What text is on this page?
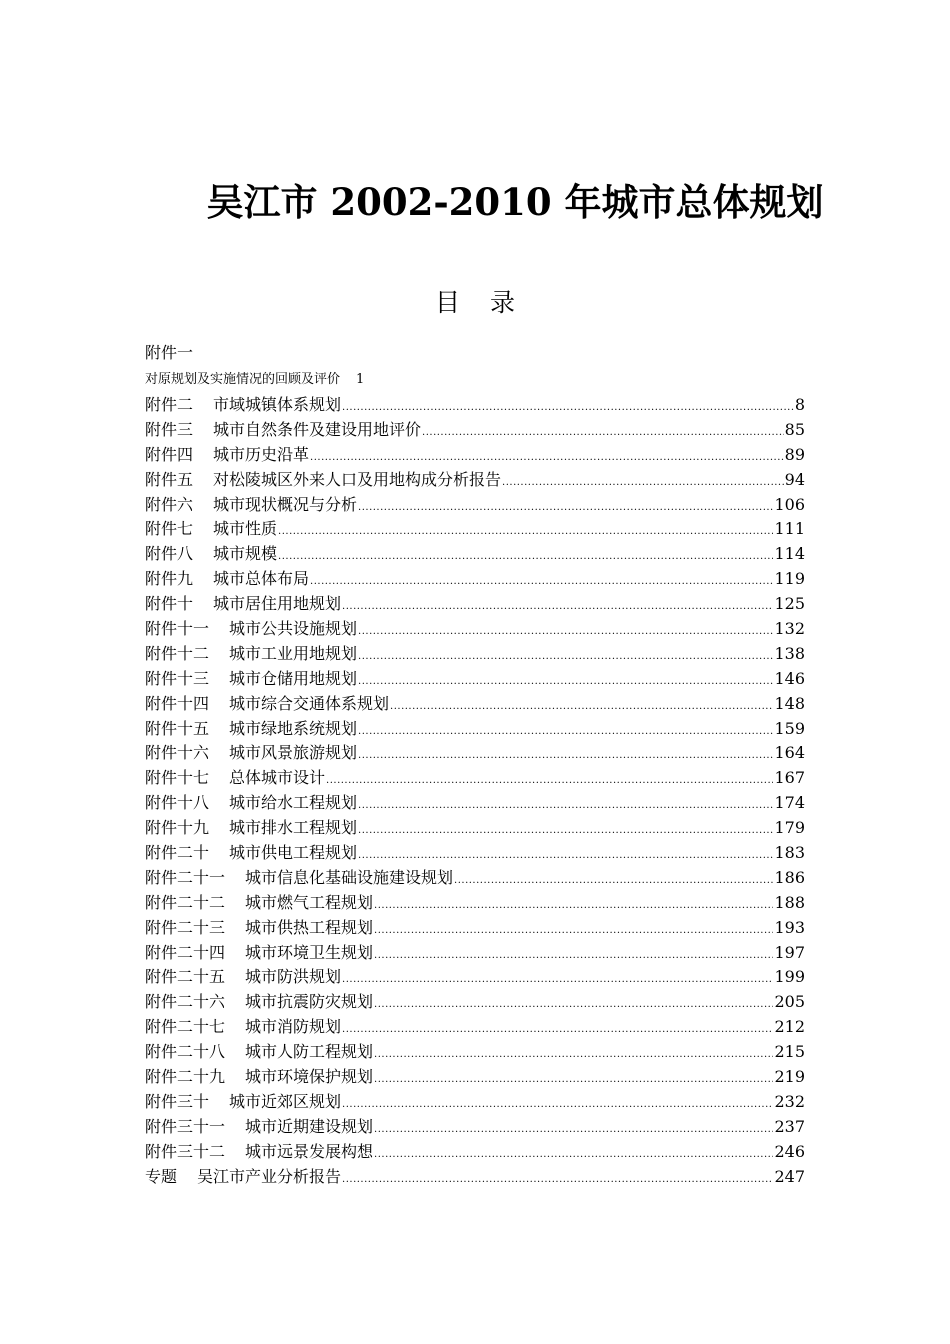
吴江市 2002-2010 年城市总体规划
目录
附件一
对原规划及实施情况的回顾及评价 1
附件二 市域城镇体系规划 .....	8
附件三 城市自然条件及建设用地评价 .....	85
附件四 城市历史沿革 .....	89
附件五 对松陵城区外来人口及用地构成分析报告 .....	94
附件六 城市现状概况与分析 .....	106
附件七 城市性质 .....	111
附件八 城市规模 .....	114
附件九 城市总体布局 .....	119
附件十 城市居住用地规划 .....	125
附件十一 城市公共设施规划 .....	132
附件十二 城市工业用地规划 .....	138
附件十三 城市仓储用地规划 .....	146
附件十四 城市综合交通体系规划 .....	148
附件十五 城市绿地系统规划 .....	159
附件十六 城市风景旅游规划 .....	164
附件十七 总体城市设计 .....	167
附件十八 城市给水工程规划 .....	174
附件十九 城市排水工程规划 .....	179
附件二十 城市供电工程规划 .....	183
附件二十一 城市信息化基础设施建设规划 .....	186
附件二十二 城市燃气工程规划 .....	188
附件二十三 城市供热工程规划 .....	193
附件二十四 城市环境卫生规划 .....	197
附件二十五 城市防洪规划 .....	199
附件二十六 城市抗震防灾规划 .....	205
附件二十七 城市消防规划 .....	212
附件二十八 城市人防工程规划 .....	215
附件二十九 城市环境保护规划 .....	219
附件三十 城市近郊区规划 .....	232
附件三十一 城市近期建设规划 .....	237
附件三十二 城市远景发展构想 .....	246
专题 吴江市产业分析报告 .....	247
